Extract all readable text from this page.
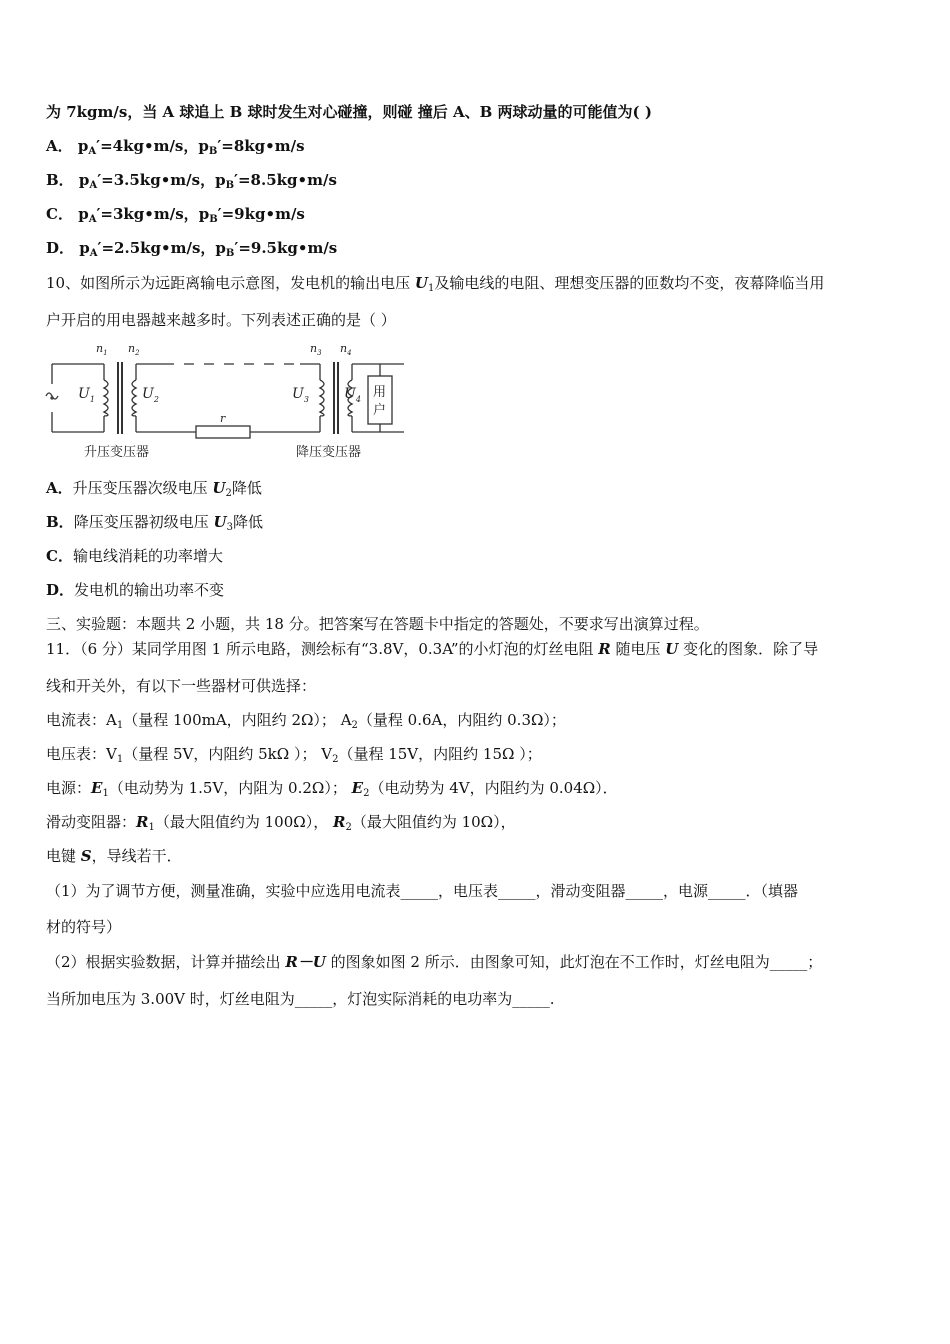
为 7kgm/s，当 A 球追上 B 球时发生对心碰撞，则碰 撞后 A、B 两球动量的可能值为( )
A． $p_A'=4kg•m/s$，$p_B'=8kg•m/s$
B． $p_A'=3.5kg•m/s$，$p_B'=8.5kg•m/s$
C． $p_A'=3kg•m/s$，$p_B'=9kg•m/s$
D． $p_A'=2.5kg•m/s$，$p_B'=9.5kg•m/s$
10、如图所示为远距离输电示意图，发电机的输出电压 $U_1$及输电线的电阻、理想变压器的匝数均不变，夜幕降临当用
户开启的用电器越来越多时。下列表述正确的是（ ）
$n_1$ $n_2$	$n_3$ $n_4$
$U_1$	$U_2$	$U_3$	$U_4$
r
用
户
升压变压器	降压变压器
A．升压变压器次级电压 $U_2$降低
B．降压变压器初级电压 $U_3$降低
C．输电线消耗的功率增大
D．发电机的输出功率不变
三、实验题：本题共 2 小题，共 18 分。把答案写在答题卡中指定的答题处，不要求写出演算过程。
11．（6 分）某同学用图 1 所示电路，测绘标有“3.8V，0.3A”的小灯泡的灯丝电阻 R 随电压 U 变化的图象．除了导
线和开关外，有以下一些器材可供选择：
电流表：$A_1$（量程 100mA，内阻约 2Ω）； $A_2$（量程 0.6A，内阻约 0.3Ω）；
电压表：$V_1$（量程 5V，内阻约 5kΩ ）； $V_2$（量程 15V，内阻约 15Ω ）；
电源：$E_1$（电动势为 1.5V，内阻为 0.2Ω）； $E_2$（电动势为 4V，内阻约为 0.04Ω）．
滑动变阻器：$R_1$（最大阻值约为 100Ω）， $R_2$（最大阻值约为 10Ω），
电键 S，导线若干．
（1）为了调节方便，测量准确，实验中应选用电流表_____，电压表_____，滑动变阻器_____，电源_____．（填器
材的符号）
（2）根据实验数据，计算并描绘出 R－U 的图象如图 2 所示．由图象可知，此灯泡在不工作时，灯丝电阻为_____；
当所加电压为 3.00V 时，灯丝电阻为_____，灯泡实际消耗的电功率为_____.
